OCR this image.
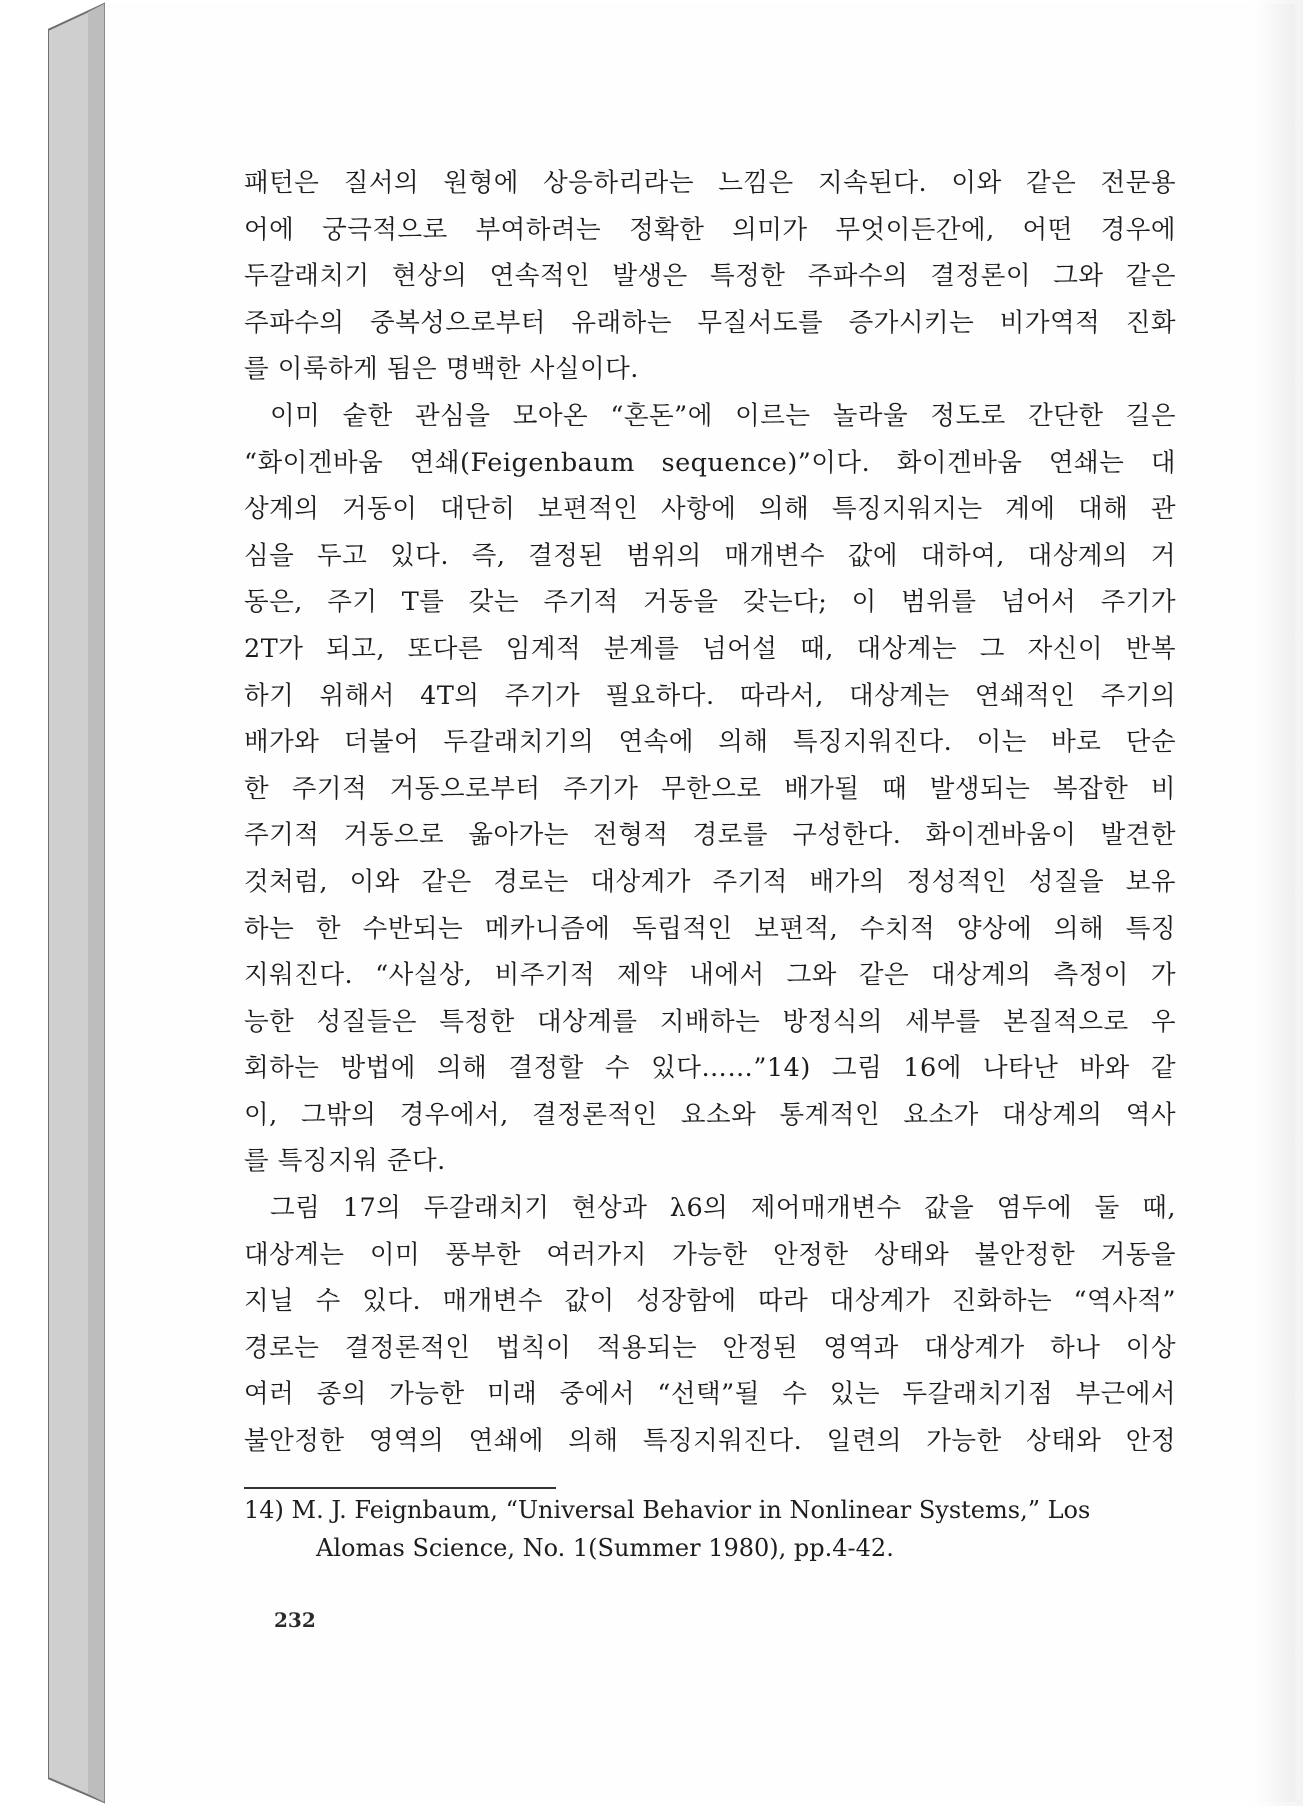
패턴은 질서의 원형에 상응하리라는 느낌은 지속된다. 이와 같은 전문용
어에 궁극적으로 부여하려는 정확한 의미가 무엇이든간에, 어떤 경우에
두갈래치기 현상의 연속적인 발생은 특정한 주파수의 결정론이 그와 같은
주파수의 중복성으로부터 유래하는 무질서도를 증가시키는 비가역적 진화
를 이룩하게 됨은 명백한 사실이다.
이미 숱한 관심을 모아온 “혼돈”에 이르는 놀라울 정도로 간단한 길은
“화이겐바움 연쇄(Feigenbaum sequence)”이다. 화이겐바움 연쇄는 대
상계의 거동이 대단히 보편적인 사항에 의해 특징지워지는 계에 대해 관
심을 두고 있다. 즉, 결정된 범위의 매개변수 값에 대하여, 대상계의 거
동은, 주기 T를 갖는 주기적 거동을 갖는다; 이 범위를 넘어서 주기가
2T가 되고, 또다른 임계적 분계를 넘어설 때, 대상계는 그 자신이 반복
하기 위해서 4T의 주기가 필요하다. 따라서, 대상계는 연쇄적인 주기의
배가와 더불어 두갈래치기의 연속에 의해 특징지워진다. 이는 바로 단순
한 주기적 거동으로부터 주기가 무한으로 배가될 때 발생되는 복잡한 비
주기적 거동으로 옮아가는 전형적 경로를 구성한다. 화이겐바움이 발견한
것처럼, 이와 같은 경로는 대상계가 주기적 배가의 정성적인 성질을 보유
하는 한 수반되는 메카니즘에 독립적인 보편적, 수치적 양상에 의해 특징
지워진다. “사실상, 비주기적 제약 내에서 그와 같은 대상계의 측정이 가
능한 성질들은 특정한 대상계를 지배하는 방정식의 세부를 본질적으로 우
회하는 방법에 의해 결정할 수 있다……”14) 그림 16에 나타난 바와 같
이, 그밖의 경우에서, 결정론적인 요소와 통계적인 요소가 대상계의 역사
를 특징지워 준다.
그림 17의 두갈래치기 현상과 λ6의 제어매개변수 값을 염두에 둘 때,
대상계는 이미 풍부한 여러가지 가능한 안정한 상태와 불안정한 거동을
지닐 수 있다. 매개변수 값이 성장함에 따라 대상계가 진화하는 “역사적”
경로는 결정론적인 법칙이 적용되는 안정된 영역과 대상계가 하나 이상
여러 종의 가능한 미래 중에서 “선택”될 수 있는 두갈래치기점 부근에서
불안정한 영역의 연쇄에 의해 특징지워진다. 일련의 가능한 상태와 안정
14) M. J. Feignbaum, “Universal Behavior in Nonlinear Systems,” Los
Alomas Science, No. 1(Summer 1980), pp.4-42.
232
